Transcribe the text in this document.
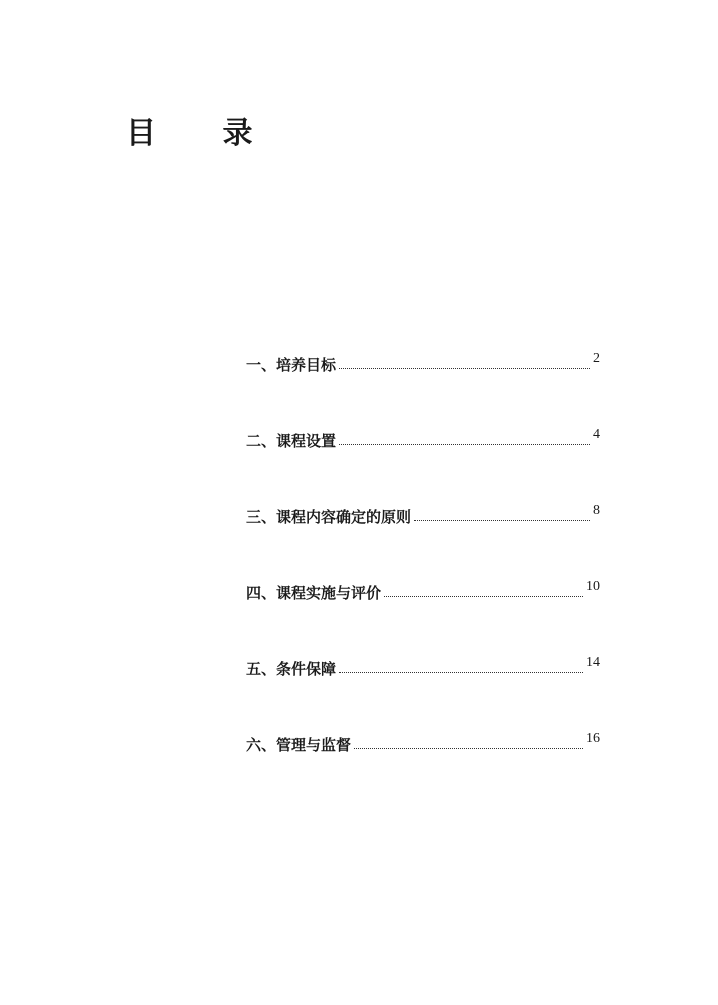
目 录
一、培养目标	2
二、课程设置	4
三、课程内容确定的原则	8
四、课程实施与评价	10
五、条件保障	14
六、管理与监督	16
